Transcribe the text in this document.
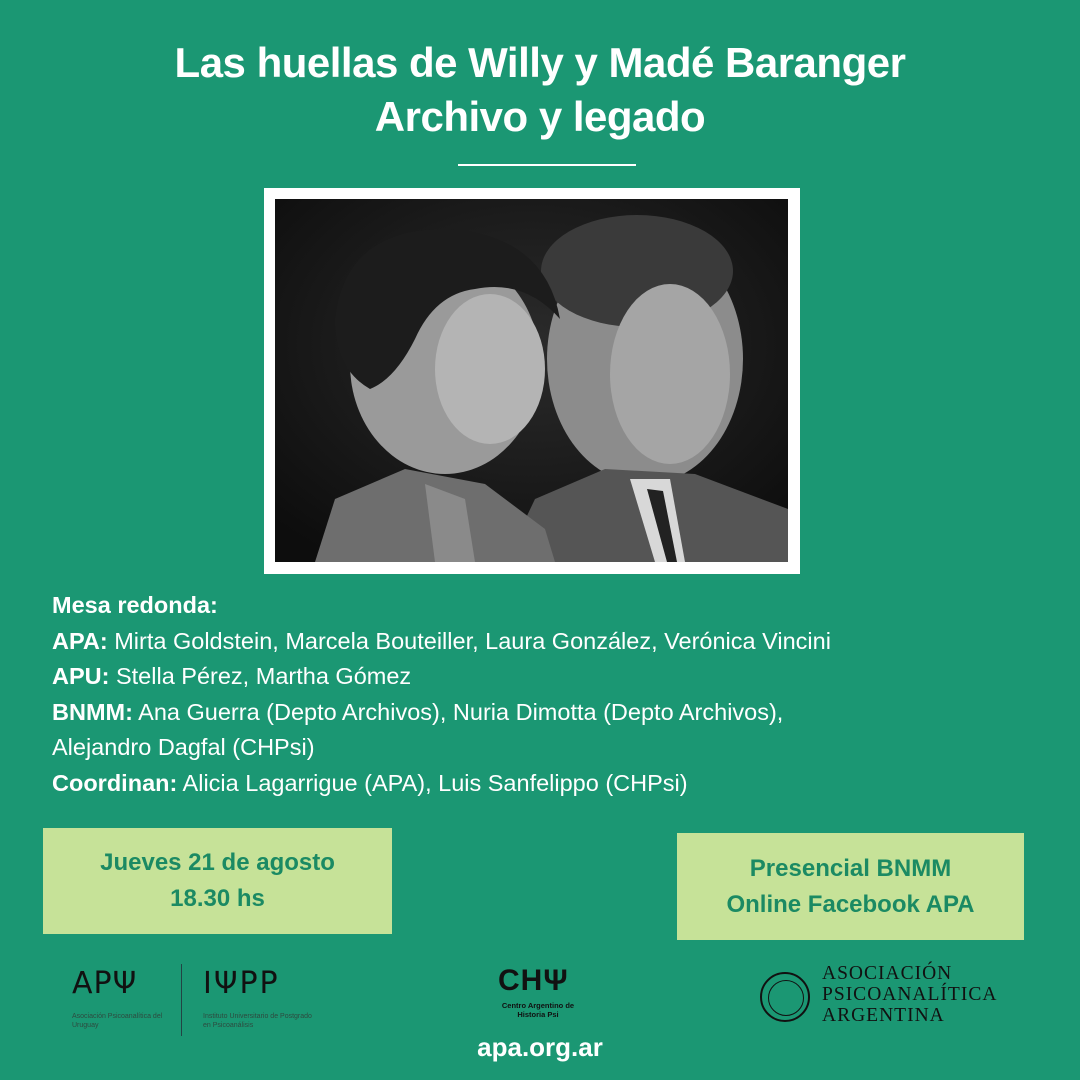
Las huellas de Willy y Madé Baranger
Archivo y legado
Mesa redonda:
APA: Mirta Goldstein, Marcela Bouteiller, Laura González, Verónica Vincini
APU: Stella Pérez, Martha Gómez
BNMM: Ana Guerra (Depto Archivos), Nuria Dimotta (Depto Archivos),
Alejandro Dagfal (CHPsi)
Coordinan: Alicia Lagarrigue (APA), Luis Sanfelippo (CHPsi)
Jueves 21 de agosto
18.30 hs
Presencial BNMM
Online Facebook APA
APΨ
Asociación Psicoanalítica del Uruguay
IΨPP
Instituto Universitario de Postgrado en Psicoanálisis
CHΨ
Centro Argentino de Historia Psi
ASOCIACIÓN
PSICOANALÍTICA
ARGENTINA
apa.org.ar
